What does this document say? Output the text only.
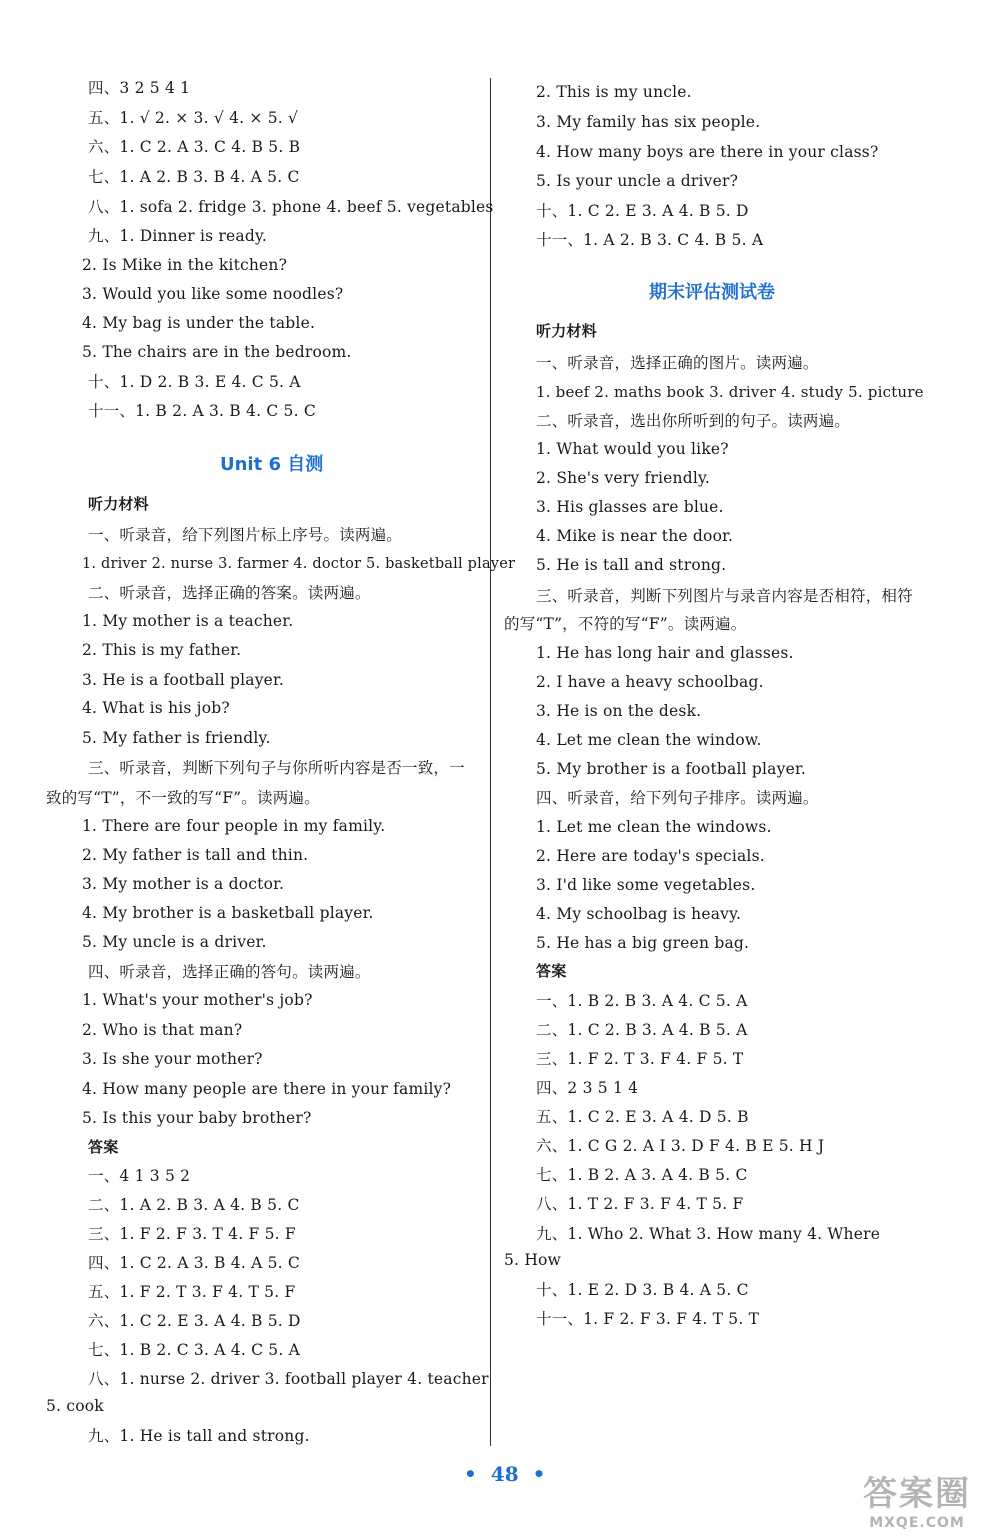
四、3 2 5 4 1
五、1. √ 2. × 3. √ 4. × 5. √
六、1. C 2. A 3. C 4. B 5. B
七、1. A 2. B 3. B 4. A 5. C
八、1. sofa 2. fridge 3. phone 4. beef 5. vegetables
九、1. Dinner is ready.
2. Is Mike in the kitchen?
3. Would you like some noodles?
4. My bag is under the table.
5. The chairs are in the bedroom.
十、1. D 2. B 3. E 4. C 5. A
十一、1. B 2. A 3. B 4. C 5. C
Unit 6 自测
听力材料
一、听录音，给下列图片标上序号。读两遍。
1. driver 2. nurse 3. farmer 4. doctor 5. basketball player
二、听录音，选择正确的答案。读两遍。
1. My mother is a teacher.
2. This is my father.
3. He is a football player.
4. What is his job?
5. My father is friendly.
三、听录音，判断下列句子与你所听内容是否一致，一
致的写“T”，不一致的写“F”。读两遍。
1. There are four people in my family.
2. My father is tall and thin.
3. My mother is a doctor.
4. My brother is a basketball player.
5. My uncle is a driver.
四、听录音，选择正确的答句。读两遍。
1. What's your mother's job?
2. Who is that man?
3. Is she your mother?
4. How many people are there in your family?
5. Is this your baby brother?
答案
一、4 1 3 5 2
二、1. A 2. B 3. A 4. B 5. C
三、1. F 2. F 3. T 4. F 5. F
四、1. C 2. A 3. B 4. A 5. C
五、1. F 2. T 3. F 4. T 5. F
六、1. C 2. E 3. A 4. B 5. D
七、1. B 2. C 3. A 4. C 5. A
八、1. nurse 2. driver 3. football player 4. teacher
5. cook
九、1. He is tall and strong.
2. This is my uncle.
3. My family has six people.
4. How many boys are there in your class?
5. Is your uncle a driver?
十、1. C 2. E 3. A 4. B 5. D
十一、1. A 2. B 3. C 4. B 5. A
期末评估测试卷
听力材料
一、听录音，选择正确的图片。读两遍。
1. beef 2. maths book 3. driver 4. study 5. picture
二、听录音，选出你所听到的句子。读两遍。
1. What would you like?
2. She's very friendly.
3. His glasses are blue.
4. Mike is near the door.
5. He is tall and strong.
三、听录音，判断下列图片与录音内容是否相符，相符
的写“T”，不符的写“F”。读两遍。
1. He has long hair and glasses.
2. I have a heavy schoolbag.
3. He is on the desk.
4. Let me clean the window.
5. My brother is a football player.
四、听录音，给下列句子排序。读两遍。
1. Let me clean the windows.
2. Here are today's specials.
3. I'd like some vegetables.
4. My schoolbag is heavy.
5. He has a big green bag.
答案
一、1. B 2. B 3. A 4. C 5. A
二、1. C 2. B 3. A 4. B 5. A
三、1. F 2. T 3. F 4. F 5. T
四、2 3 5 1 4
五、1. C 2. E 3. A 4. D 5. B
六、1. C G 2. A I 3. D F 4. B E 5. H J
七、1. B 2. A 3. A 4. B 5. C
八、1. T 2. F 3. F 4. T 5. F
九、1. Who 2. What 3. How many 4. Where
5. How
十、1. E 2. D 3. B 4. A 5. C
十一、1. F 2. F 3. F 4. T 5. T
• 48 •	答案圈
MXQE.COM
